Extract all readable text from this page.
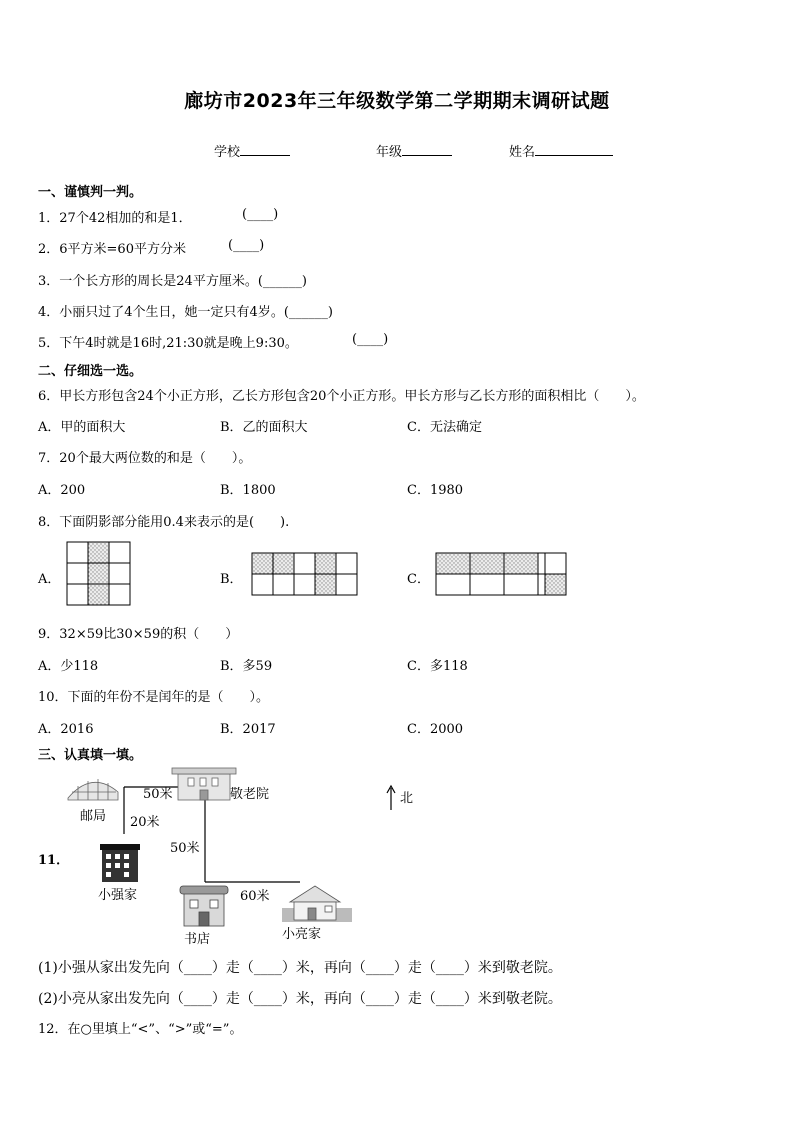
廊坊市2023年三年级数学第二学期期末调研试题
学校	年级	姓名
一、谨慎判一判。
1．27个42相加的和是1．	(____)
2．6平方米=60平方分米	(____)
3．一个长方形的周长是24平方厘米。(______)
4．小丽只过了4个生日，她一定只有4岁。(______)
5．下午4时就是16时,21:30就是晚上9:30。	(____)
二、仔细选一选。
6．甲长方形包含24个小正方形，乙长方形包含20个小正方形。甲长方形与乙长方形的面积相比（　　）。
A．甲的面积大	B．乙的面积大	C．无法确定
7．20个最大两位数的和是（　　）。
A．200	B．1800	C．1980
8．下面阴影部分能用0.4来表示的是(　　).
A．	B．	C．
9．32×59比30×59的积（　　）
A．少118	B．多59	C．多118
10．下面的年份不是闰年的是（　　）。
A．2016	B．2017	C．2000
三、认真填一填。
11．
50米
20米
50米
60米
邮局
敬老院
小强家
书店	小亮家
北
(1)小强从家出发先向（____）走（____）米，再向（____）走（____）米到敬老院。
(2)小亮从家出发先向（____）走（____）米，再向（____）走（____）米到敬老院。
12．在○里填上“<”、“>”或“=”。
